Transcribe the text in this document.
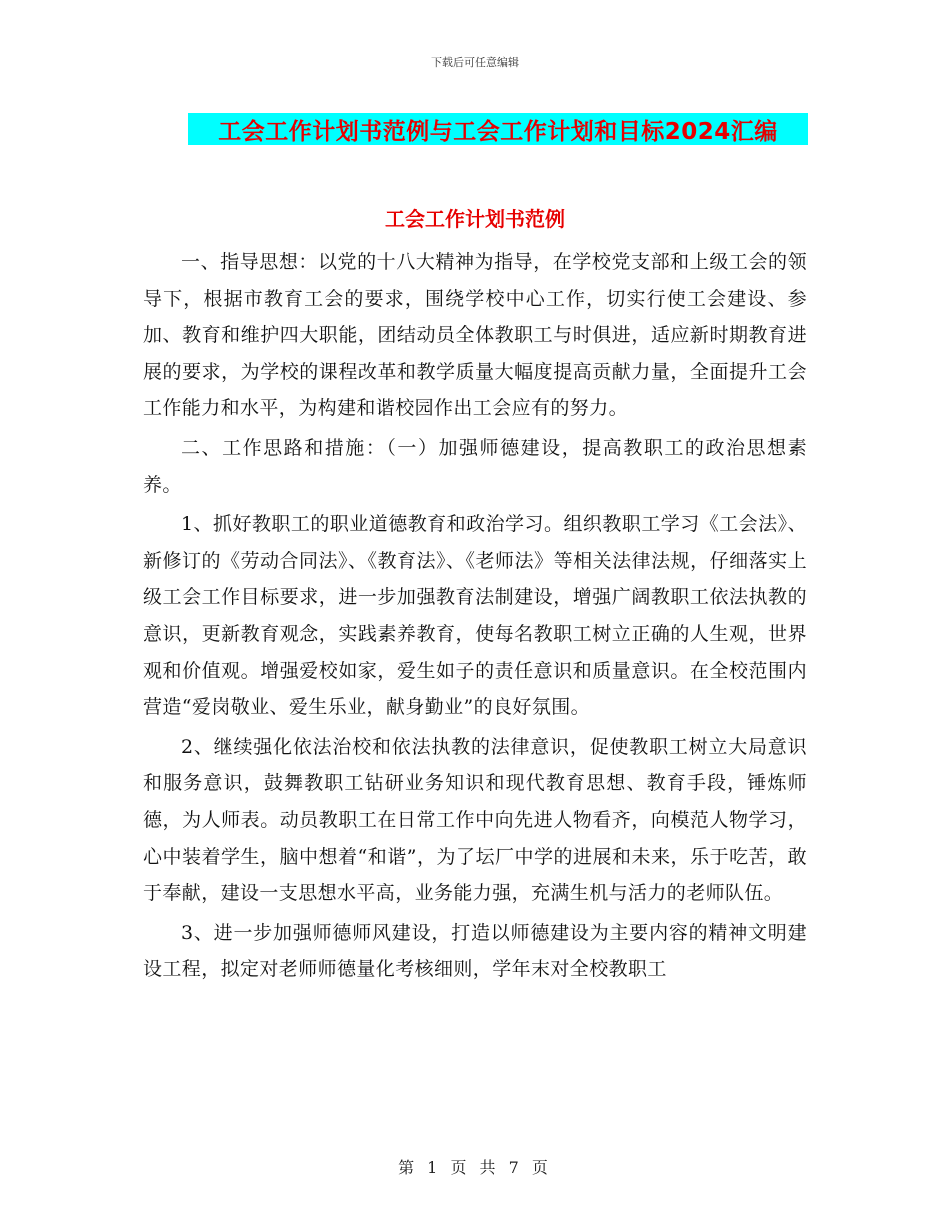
下载后可任意编辑
工会工作计划书范例与工会工作计划和目标2024汇编
工会工作计划书范例

一、指导思想：以党的十八大精神为指导，在学校党支部和上级工会的领导下，根据市教育工会的要求，围绕学校中心工作，切实行使工会建设、参加、教育和维护四大职能，团结动员全体教职工与时俱进，适应新时期教育进展的要求，为学校的课程改革和教学质量大幅度提高贡献力量，全面提升工会工作能力和水平，为构建和谐校园作出工会应有的努力。

二、工作思路和措施：（一）加强师德建设，提高教职工的政治思想素养。

1、抓好教职工的职业道德教育和政治学习。组织教职工学习《工会法》、新修订的《劳动合同法》、《教育法》、《老师法》等相关法律法规，仔细落实上级工会工作目标要求，进一步加强教育法制建设，增强广阔教职工依法执教的意识，更新教育观念，实践素养教育，使每名教职工树立正确的人生观，世界观和价值观。增强爱校如家，爱生如子的责任意识和质量意识。在全校范围内营造“爱岗敬业、爱生乐业，献身勤业”的良好氛围。

2、继续强化依法治校和依法执教的法律意识，促使教职工树立大局意识和服务意识，鼓舞教职工钻研业务知识和现代教育思想、教育手段，锤炼师德，为人师表。动员教职工在日常工作中向先进人物看齐，向模范人物学习，心中装着学生，脑中想着“和谐”，为了坛厂中学的进展和未来，乐于吃苦，敢于奉献，建设一支思想水平高，业务能力强，充满生机与活力的老师队伍。

3、进一步加强师德师风建设，打造以师德建设为主要内容的精神文明建设工程，拟定对老师师德量化考核细则，学年末对全校教职工

第 1 页 共 7 页
